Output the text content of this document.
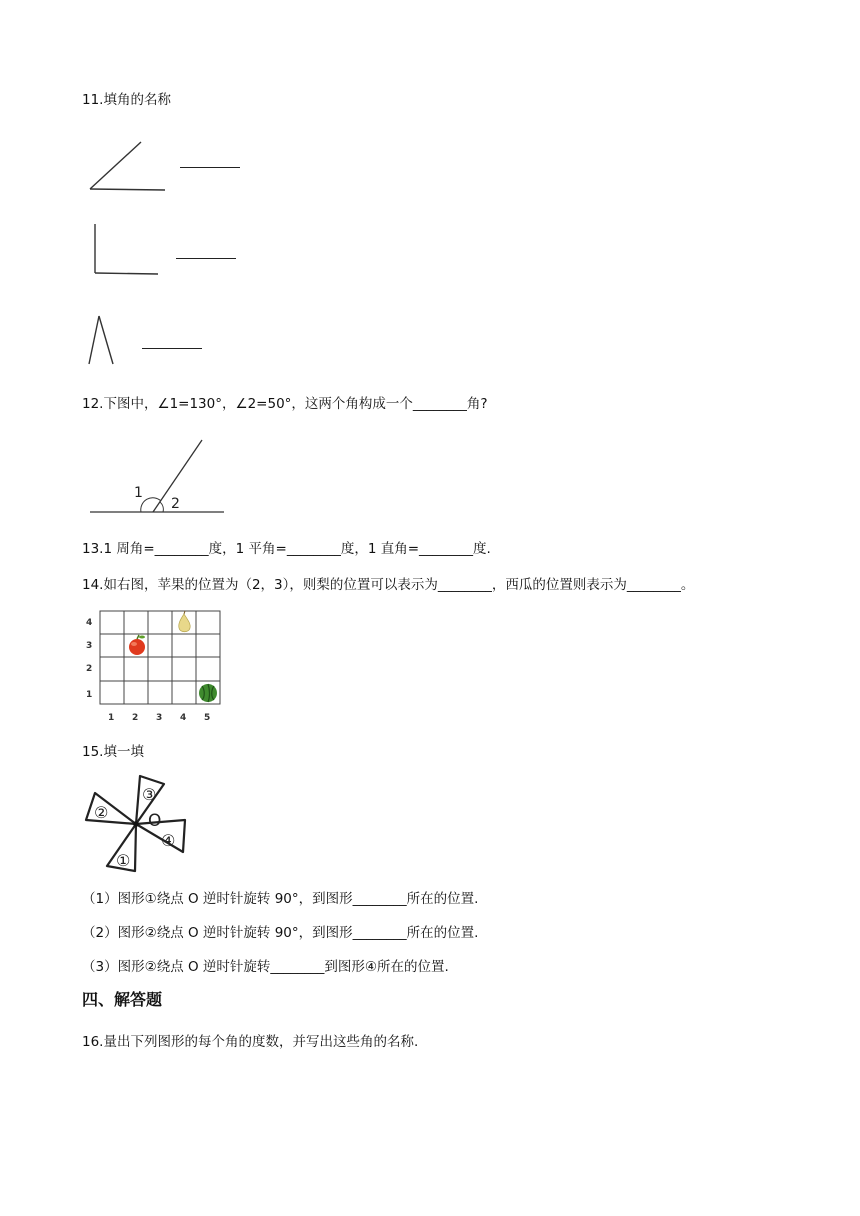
11.填角的名称
12.下图中，∠1=130°，∠2=50°，这两个角构成一个________角?
1
2
13.1 周角=________度，1 平角=________度，1 直角=________度.
14.如右图，苹果的位置为（2，3），则梨的位置可以表示为________，西瓜的位置则表示为________。
4
3
2
1
1 2 3 4 5
15.填一填
②
③
④
①
O
（1）图形①绕点 O 逆时针旋转 90°，到图形________所在的位置.
（2）图形②绕点 O 逆时针旋转 90°，到图形________所在的位置.
（3）图形②绕点 O 逆时针旋转________到图形④所在的位置.
四、解答题
16.量出下列图形的每个角的度数，并写出这些角的名称.
